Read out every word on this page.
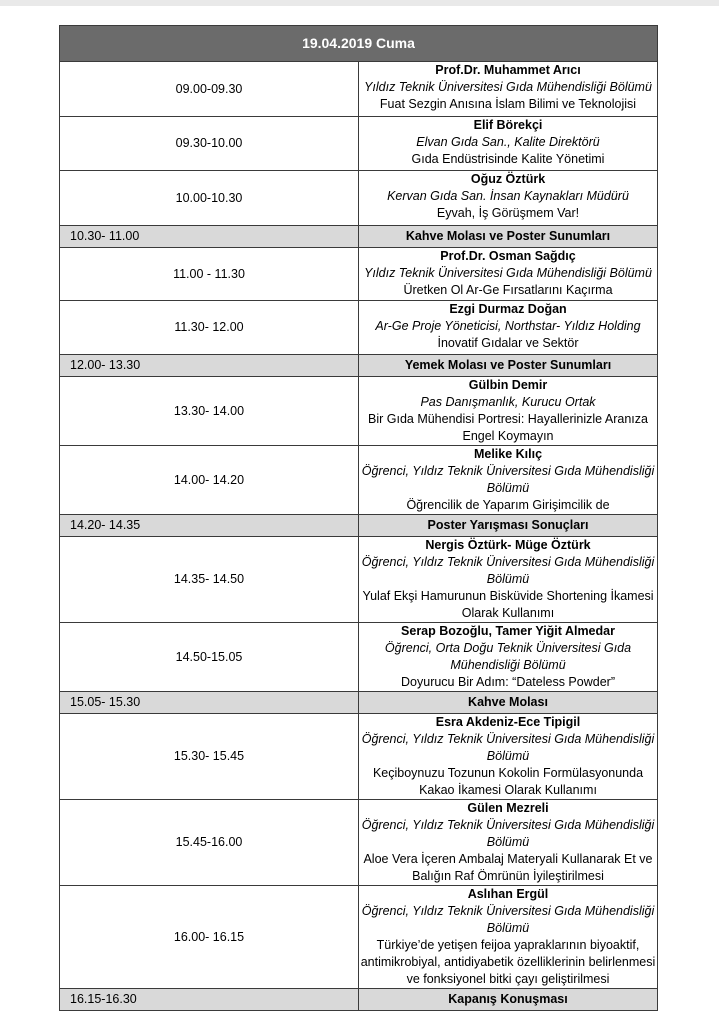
19.04.2019 Cuma	
09.00-09.30	Prof.Dr. Muhammet Arıcı
Yıldız Teknik Üniversitesi Gıda Mühendisliği Bölümü
Fuat Sezgin Anısına İslam Bilimi ve Teknolojisi

09.30-10.00	Elif Börekçi
Elvan Gıda San., Kalite Direktörü
Gıda Endüstrisinde Kalite Yönetimi

10.00-10.30	Oğuz Öztürk
Kervan Gıda San. İnsan Kaynakları Müdürü
Eyvah, İş Görüşmem Var!

10.30- 11.00	Kahve Molası ve Poster Sunumları
11.00 - 11.30	Prof.Dr. Osman Sağdıç
Yıldız Teknik Üniversitesi Gıda Mühendisliği Bölümü
Üretken Ol Ar-Ge Fırsatlarını Kaçırma

11.30- 12.00	Ezgi Durmaz Doğan
Ar-Ge Proje Yöneticisi, Northstar- Yıldız Holding
İnovatif Gıdalar ve Sektör

12.00- 13.30	Yemek Molası ve Poster Sunumları
13.30- 14.00	Gülbin Demir
Pas Danışmanlık, Kurucu Ortak
Bir Gıda Mühendisi Portresi: Hayallerinizle Aranıza Engel Koymayın

14.00- 14.20	Melike Kılıç
Öğrenci, Yıldız Teknik Üniversitesi Gıda Mühendisliği Bölümü
Öğrencilik de Yaparım Girişimcilik de

14.20- 14.35	Poster Yarışması Sonuçları
14.35- 14.50	Nergis Öztürk- Müge Öztürk
Öğrenci, Yıldız Teknik Üniversitesi Gıda Mühendisliği Bölümü
Yulaf Ekşi Hamurunun Bisküvide Shortening İkamesi Olarak Kullanımı

14.50-15.05	Serap Bozoğlu, Tamer Yiğit Almedar
Öğrenci, Orta Doğu Teknik Üniversitesi Gıda Mühendisliği Bölümü
Doyurucu Bir Adım: “Dateless Powder”

15.05- 15.30	Kahve Molası
15.30- 15.45	Esra Akdeniz-Ece Tipigil
Öğrenci, Yıldız Teknik Üniversitesi Gıda Mühendisliği Bölümü
Keçiboynuzu Tozunun Kokolin Formülasyonunda Kakao İkamesi Olarak Kullanımı

15.45-16.00	Gülen Mezreli
Öğrenci, Yıldız Teknik Üniversitesi Gıda Mühendisliği Bölümü
Aloe Vera İçeren Ambalaj Materyali Kullanarak Et ve Balığın Raf Ömrünün İyileştirilmesi

16.00- 16.15	Aslıhan Ergül
Öğrenci, Yıldız Teknik Üniversitesi Gıda Mühendisliği Bölümü
Türkiye’de yetişen feijoa yapraklarının biyoaktif, antimikrobiyal, antidiyabetik özelliklerinin belirlenmesi ve fonksiyonel bitki çayı geliştirilmesi

16.15-16.30	Kapanış Konuşması
